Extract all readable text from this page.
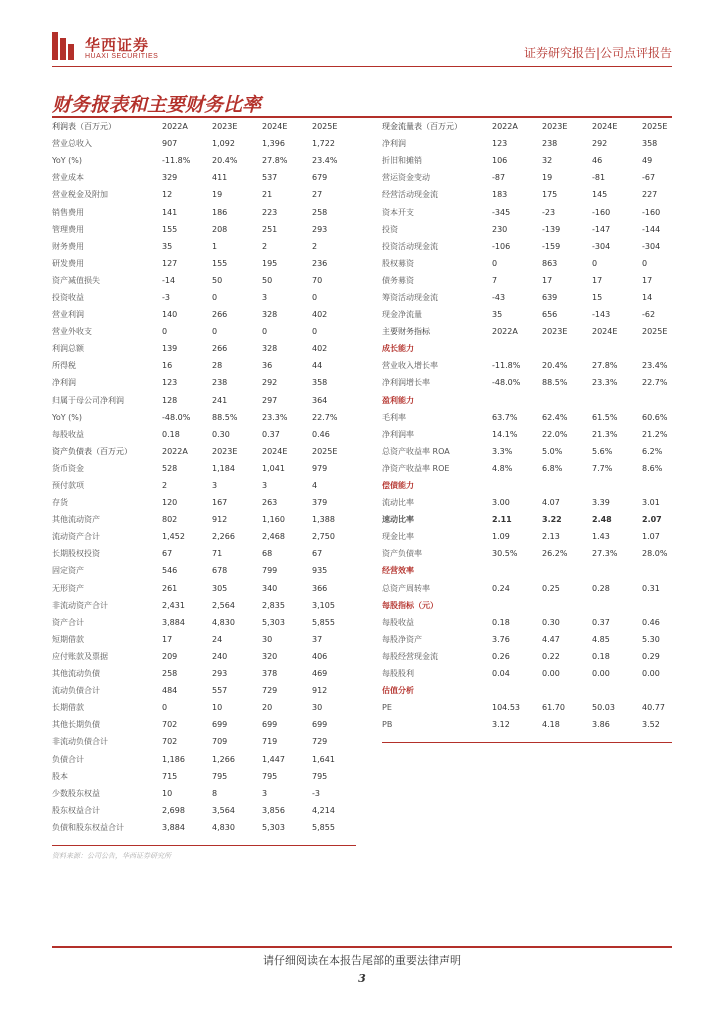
华西证券
HUAXI SECURITIES	证券研究报告|公司点评报告
财务报表和主要财务比率
利润表（百万元）	2022A	2023E	2024E	2025E
营业总收入	907	1,092	1,396	1,722
YoY (%)	-11.8%	20.4%	27.8%	23.4%
营业成本	329	411	537	679
营业税金及附加	12	19	21	27
销售费用	141	186	223	258
管理费用	155	208	251	293
财务费用	35	1	2	2
研发费用	127	155	195	236
资产减值损失	-14	50	50	70
投资收益	-3	0	3	0
营业利润	140	266	328	402
营业外收支	0	0	0	0
利润总额	139	266	328	402
所得税	16	28	36	44
净利润	123	238	292	358
归属于母公司净利润	128	241	297	364
YoY (%)	-48.0%	88.5%	23.3%	22.7%
每股收益	0.18	0.30	0.37	0.46
资产负债表（百万元）	2022A	2023E	2024E	2025E
货币资金	528	1,184	1,041	979
预付款项	2	3	3	4
存货	120	167	263	379
其他流动资产	802	912	1,160	1,388
流动资产合计	1,452	2,266	2,468	2,750
长期股权投资	67	71	68	67
固定资产	546	678	799	935
无形资产	261	305	340	366
非流动资产合计	2,431	2,564	2,835	3,105
资产合计	3,884	4,830	5,303	5,855
短期借款	17	24	30	37
应付账款及票据	209	240	320	406
其他流动负债	258	293	378	469
流动负债合计	484	557	729	912
长期借款	0	10	20	30
其他长期负债	702	699	699	699
非流动负债合计	702	709	719	729
负债合计	1,186	1,266	1,447	1,641
股本	715	795	795	795
少数股东权益	10	8	3	-3
股东权益合计	2,698	3,564	3,856	4,214
负债和股东权益合计	3,884	4,830	5,303	5,855
现金流量表（百万元）	2022A	2023E	2024E	2025E
净利润	123	238	292	358
折旧和摊销	106	32	46	49
营运资金变动	-87	19	-81	-67
经营活动现金流	183	175	145	227
资本开支	-345	-23	-160	-160
投资	230	-139	-147	-144
投资活动现金流	-106	-159	-304	-304
股权募资	0	863	0	0
债务募资	7	17	17	17
筹资活动现金流	-43	639	15	14
现金净流量	35	656	-143	-62
主要财务指标	2022A	2023E	2024E	2025E
成长能力				
营业收入增长率	-11.8%	20.4%	27.8%	23.4%
净利润增长率	-48.0%	88.5%	23.3%	22.7%
盈利能力				
毛利率	63.7%	62.4%	61.5%	60.6%
净利润率	14.1%	22.0%	21.3%	21.2%
总资产收益率 ROA	3.3%	5.0%	5.6%	6.2%
净资产收益率 ROE	4.8%	6.8%	7.7%	8.6%
偿债能力				
流动比率	3.00	4.07	3.39	3.01
速动比率	2.11	3.22	2.48	2.07
现金比率	1.09	2.13	1.43	1.07
资产负债率	30.5%	26.2%	27.3%	28.0%
经营效率				
总资产周转率	0.24	0.25	0.28	0.31
每股指标（元）				
每股收益	0.18	0.30	0.37	0.46
每股净资产	3.76	4.47	4.85	5.30
每股经营现金流	0.26	0.22	0.18	0.29
每股股利	0.04	0.00	0.00	0.00
估值分析				
PE	104.53	61.70	50.03	40.77
PB	3.12	4.18	3.86	3.52
资料来源：公司公告，华西证券研究所
请仔细阅读在本报告尾部的重要法律声明
3
